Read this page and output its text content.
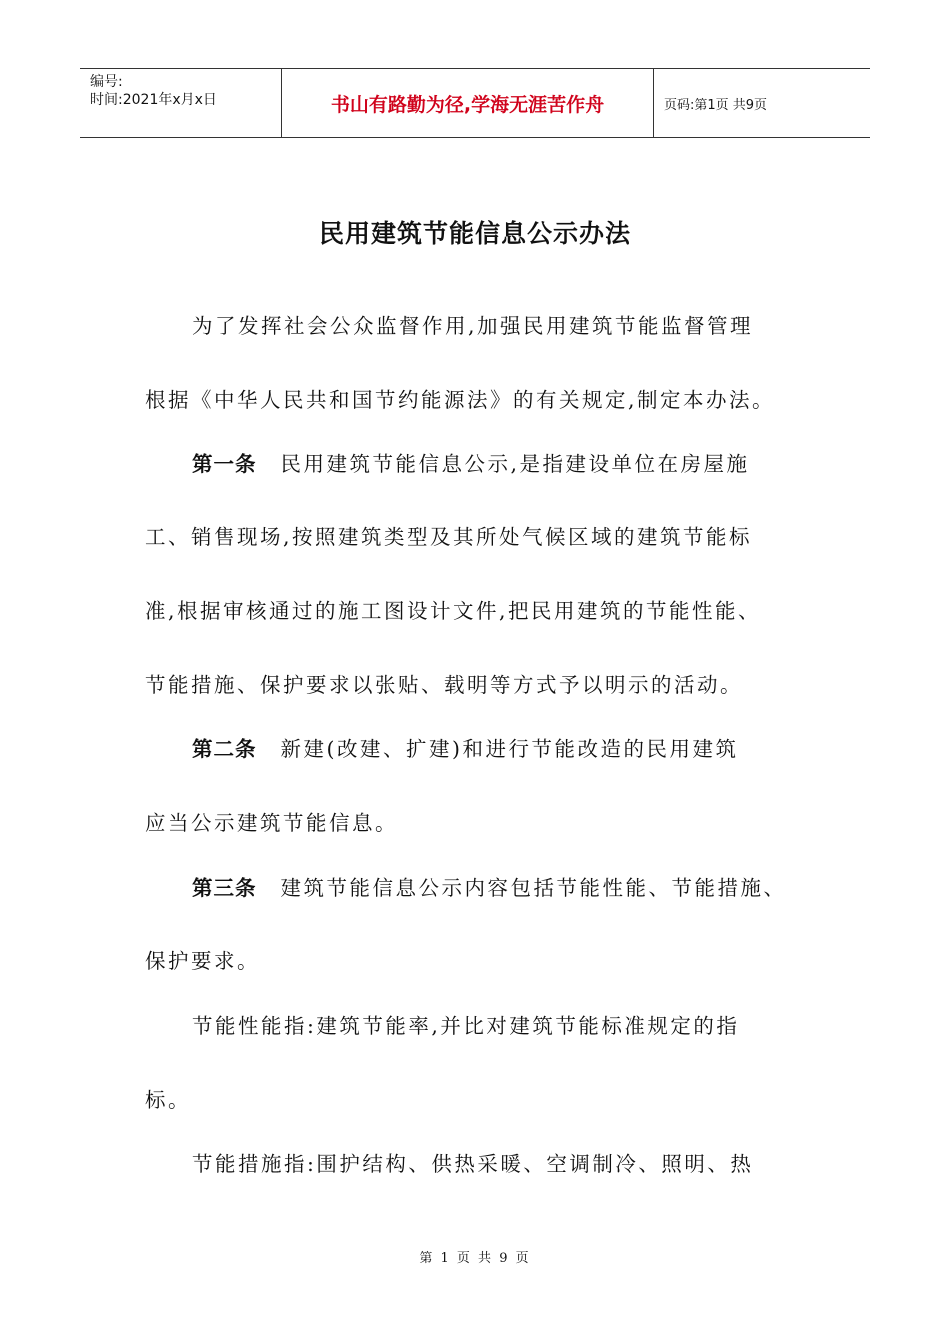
编号:
时间:2021年x月x日	书山有路勤为径,学海无涯苦作舟	页码:第1页 共9页
民用建筑节能信息公示办法
为了发挥社会公众监督作用,加强民用建筑节能监督管理
根据《中华人民共和国节约能源法》的有关规定,制定本办法。
第一条 民用建筑节能信息公示,是指建设单位在房屋施
工、销售现场,按照建筑类型及其所处气候区域的建筑节能标
准,根据审核通过的施工图设计文件,把民用建筑的节能性能、
节能措施、保护要求以张贴、载明等方式予以明示的活动。
第二条 新建(改建、扩建)和进行节能改造的民用建筑
应当公示建筑节能信息。
第三条 建筑节能信息公示内容包括节能性能、节能措施、
保护要求。
节能性能指:建筑节能率,并比对建筑节能标准规定的指
标。
节能措施指:围护结构、供热采暖、空调制冷、照明、热
第 1 页 共 9 页
